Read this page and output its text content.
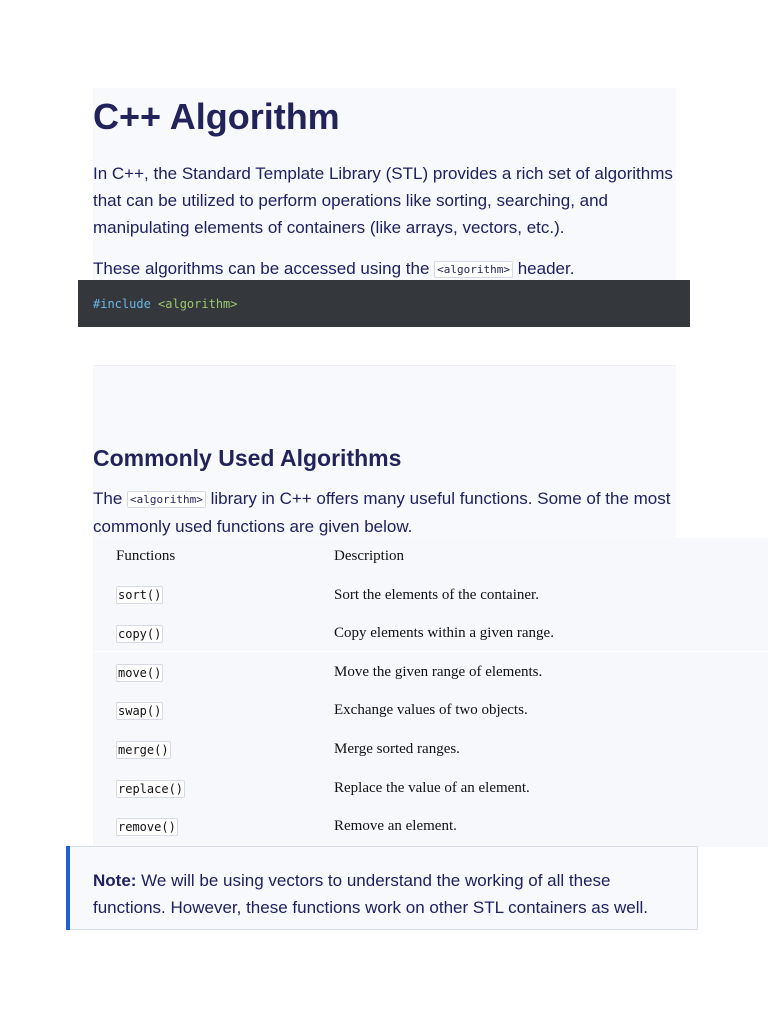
C++ Algorithm

In C++, the Standard Template Library (STL) provides a rich set of algorithms that can be utilized to perform operations like sorting, searching, and manipulating elements of containers (like arrays, vectors, etc.).

These algorithms can be accessed using the <algorithm> header.

#include <algorithm>
Commonly Used Algorithms

The <algorithm> library in C++ offers many useful functions. Some of the most commonly used functions are given below.

Functions	Description
sort()	Sort the elements of the container.
copy()	Copy elements within a given range.
move()	Move the given range of elements.
swap()	Exchange values of two objects.
merge()	Merge sorted ranges.
replace()	Replace the value of an element.
remove()	Remove an element.
Note: We will be using vectors to understand the working of all these functions. However, these functions work on other STL containers as well.
